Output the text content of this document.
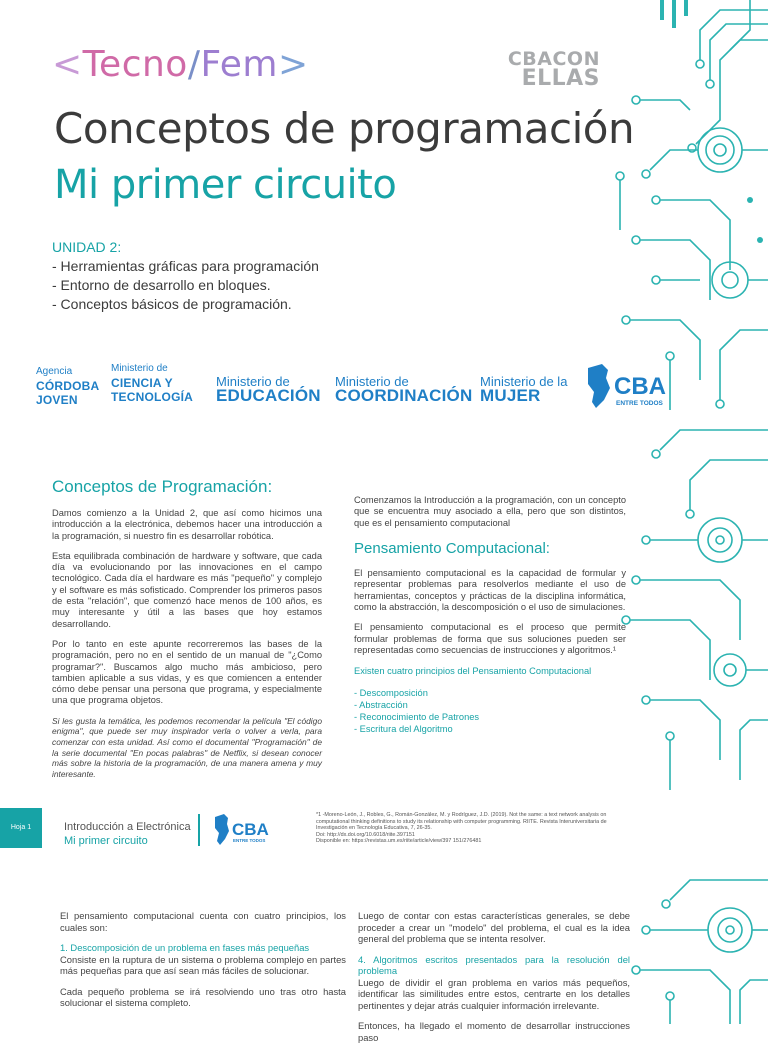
<Tecno/Fem>	CBACON
ELLAS
Conceptos de programación
Mi primer circuito
UNIDAD 2:
- Herramientas gráficas para programación
- Entorno de desarrollo en bloques.
- Conceptos básicos de programación.
Agencia
CÓRDOBA
JOVEN
Ministerio de
CIENCIA Y
TECNOLOGÍA
Ministerio de
EDUCACIÓN
Ministerio de
COORDINACIÓN
Ministerio de la
MUJER	CBA
ENTRE TODOS
Conceptos de Programación:

Damos comienzo a la Unidad 2, que así como hicimos una introducción a la electrónica, debemos hacer una introducción a la programación, si nuestro fin es desarrollar robótica.

Esta equilibrada combinación de hardware y software, que cada día va evolucionando por las innovaciones en el campo tecnológico. Cada día el hardware es más "pequeño" y complejo y el software es más sofisticado. Comprender los primeros pasos de esta "relación", que comenzó hace menos de 100 años, es muy interesante y útil a las bases que hoy estamos desarrollando.

Por lo tanto en este apunte recorreremos las bases de la programación, pero no en el sentido de un manual de "¿Como programar?". Buscamos algo mucho más ambicioso, pero tambien aplicable a sus vidas, y es que comiencen a entender cómo debe pensar una persona que programa, y especialmente una que programa objetos.

Si les gusta la temática, les podemos recomendar la película "El código enigma", que puede ser muy inspirador verla o volver a verla, para comenzar con esta unidad. Así como el documental "Programación" de la serie documental "En pocas palabras" de Netflix, si desean conocer más sobre la historia de la programación, de una manera amena y muy interesante.

Comenzamos la Introducción a la programación, con un concepto que se encuentra muy asociado a ella, pero que son distintos, que es el pensamiento computacional

Pensamiento Computacional:

El pensamiento computacional es la capacidad de formular y representar problemas para resolverlos mediante el uso de herramientas, conceptos y prácticas de la disciplina informática, como la abstracción, la descomposición o el uso de simulaciones.

El pensamiento computacional es el proceso que permite formular problemas de forma que sus soluciones pueden ser representadas como secuencias de instrucciones y algoritmos.¹

Existen cuatro principios del Pensamiento Computacional
- Descomposición
- Abstracción
- Reconocimiento de Patrones
- Escritura del Algoritmo
Hoja 1	Introducción a Electrónica
Mi primer circuito
CBA
ENTRE TODOS
*1 -Moreno-León, J., Robles, G., Román-González, M. y Rodríguez, J.D. (2019). Not the same: a text network analysis on computational thinking definitions to study its relationship with computer programming. RIITE. Revista Interuniversitaria de Investigación en Tecnología Educativa, 7, 26-35.
Doi: http://dx.doi.org/10.6018/riite.397151
Disponible en: https://revistas.um.es/riite/article/view/397 151/276481

El pensamiento computacional cuenta con cuatro principios, los cuales son:

1. Descomposición de un problema en fases más pequeñas

Consiste en la ruptura de un sistema o problema complejo en partes más pequeñas para que así sean más fáciles de solucionar.

Cada pequeño problema se irá resolviendo uno tras otro hasta solucionar el sistema completo.

Luego de contar con estas características generales, se debe proceder a crear un "modelo" del problema, el cual es la idea general del problema que se intenta resolver.

4. Algoritmos escritos presentados para la resolución del problema

Luego de dividir el gran problema en varios más pequeños, identificar las similitudes entre estos, centrarte en los detalles pertinentes y dejar atrás cualquier información irrelevante.

Entonces, ha llegado el momento de desarrollar instrucciones paso
